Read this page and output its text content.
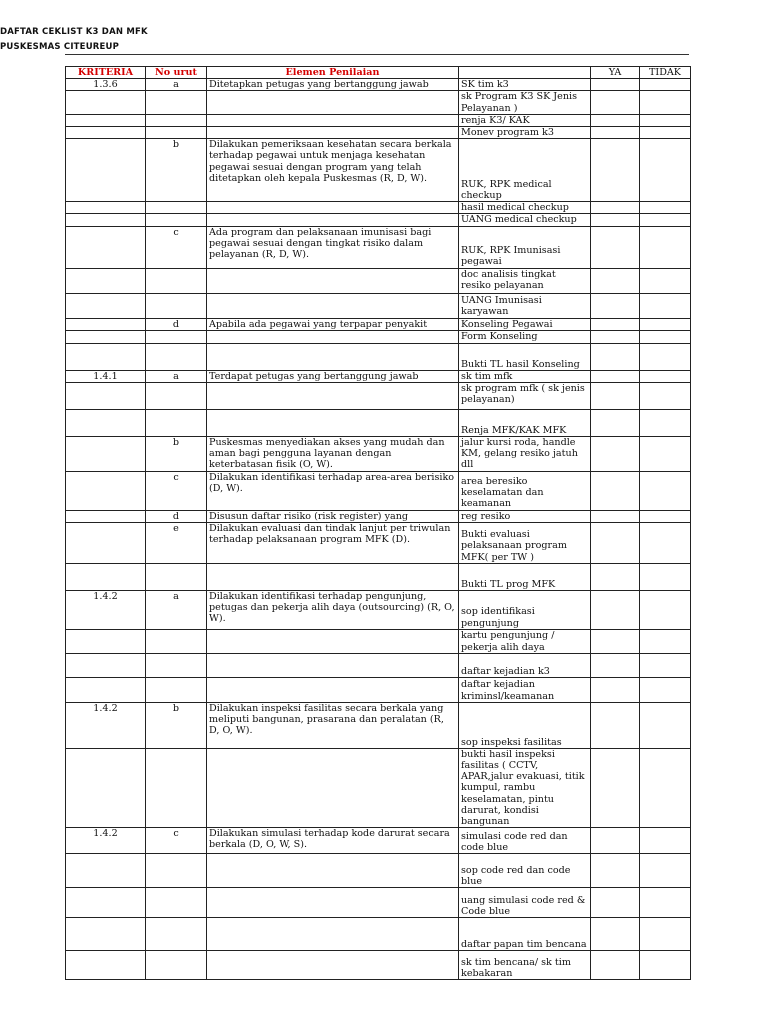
DAFTAR CEKLIST K3 DAN MFK
PUSKESMAS CITEUREUP
KRITERIA	No urut	Elemen Penilaian		YA	TIDAK
1.3.6	a	Ditetapkan petugas yang bertanggung jawab	SK tim k3		
			sk Program K3 SK Jenis Pelayanan )		
			renja K3/ KAK		
			Monev program k3		
	b	Dilakukan pemeriksaan kesehatan secara berkala terhadap pegawai untuk menjaga kesehatan pegawai sesuai dengan program yang telah ditetapkan oleh kepala Puskesmas (R, D, W).	RUK, RPK medical checkup		
			hasil medical checkup		
			UANG medical checkup		
	c	Ada program dan pelaksanaan imunisasi bagi pegawai sesuai dengan tingkat risiko dalam pelayanan (R, D, W).	RUK, RPK Imunisasi pegawai		
			doc analisis tingkat resiko pelayanan		
			UANG Imunisasi karyawan		
	d	Apabila ada pegawai yang terpapar penyakit	Konseling Pegawai		
			Form Konseling		
			Bukti TL hasil Konseling		
1.4.1	a	Terdapat petugas yang bertanggung jawab	sk tim mfk		
			sk program mfk ( sk jenis pelayanan)		
			Renja MFK/KAK MFK		
	b	Puskesmas menyediakan akses yang mudah dan aman bagi pengguna layanan dengan keterbatasan fisik (O, W).	jalur kursi roda, handle KM, gelang resiko jatuh dll		
	c	Dilakukan identifikasi terhadap area-area berisiko (D, W).	area beresiko keselamatan dan keamanan		
	d	Disusun daftar risiko (risk register) yang	reg resiko		
	e	Dilakukan evaluasi dan tindak lanjut per triwulan terhadap pelaksanaan program MFK (D).	Bukti evaluasi pelaksanaan program MFK( per TW )		
			Bukti TL prog MFK		
1.4.2	a	Dilakukan identifikasi terhadap pengunjung, petugas dan pekerja alih daya (outsourcing) (R, O, W).	sop identifikasi pengunjung		
			kartu pengunjung / pekerja alih daya		
			daftar kejadian k3		
			daftar kejadian kriminsl/keamanan		
1.4.2	b	Dilakukan inspeksi fasilitas secara berkala yang meliputi bangunan, prasarana dan peralatan (R, D, O, W).	sop inspeksi fasilitas		
			bukti hasil inspeksi fasilitas ( CCTV, APAR,jalur evakuasi, titik kumpul, rambu keselamatan, pintu darurat, kondisi bangunan		
1.4.2	c	Dilakukan simulasi terhadap kode darurat secara berkala (D, O, W, S).	simulasi code red dan code blue		
			sop code red dan code blue		
			uang simulasi code red & Code blue		
			daftar papan tim bencana		
			sk tim bencana/ sk tim kebakaran		
